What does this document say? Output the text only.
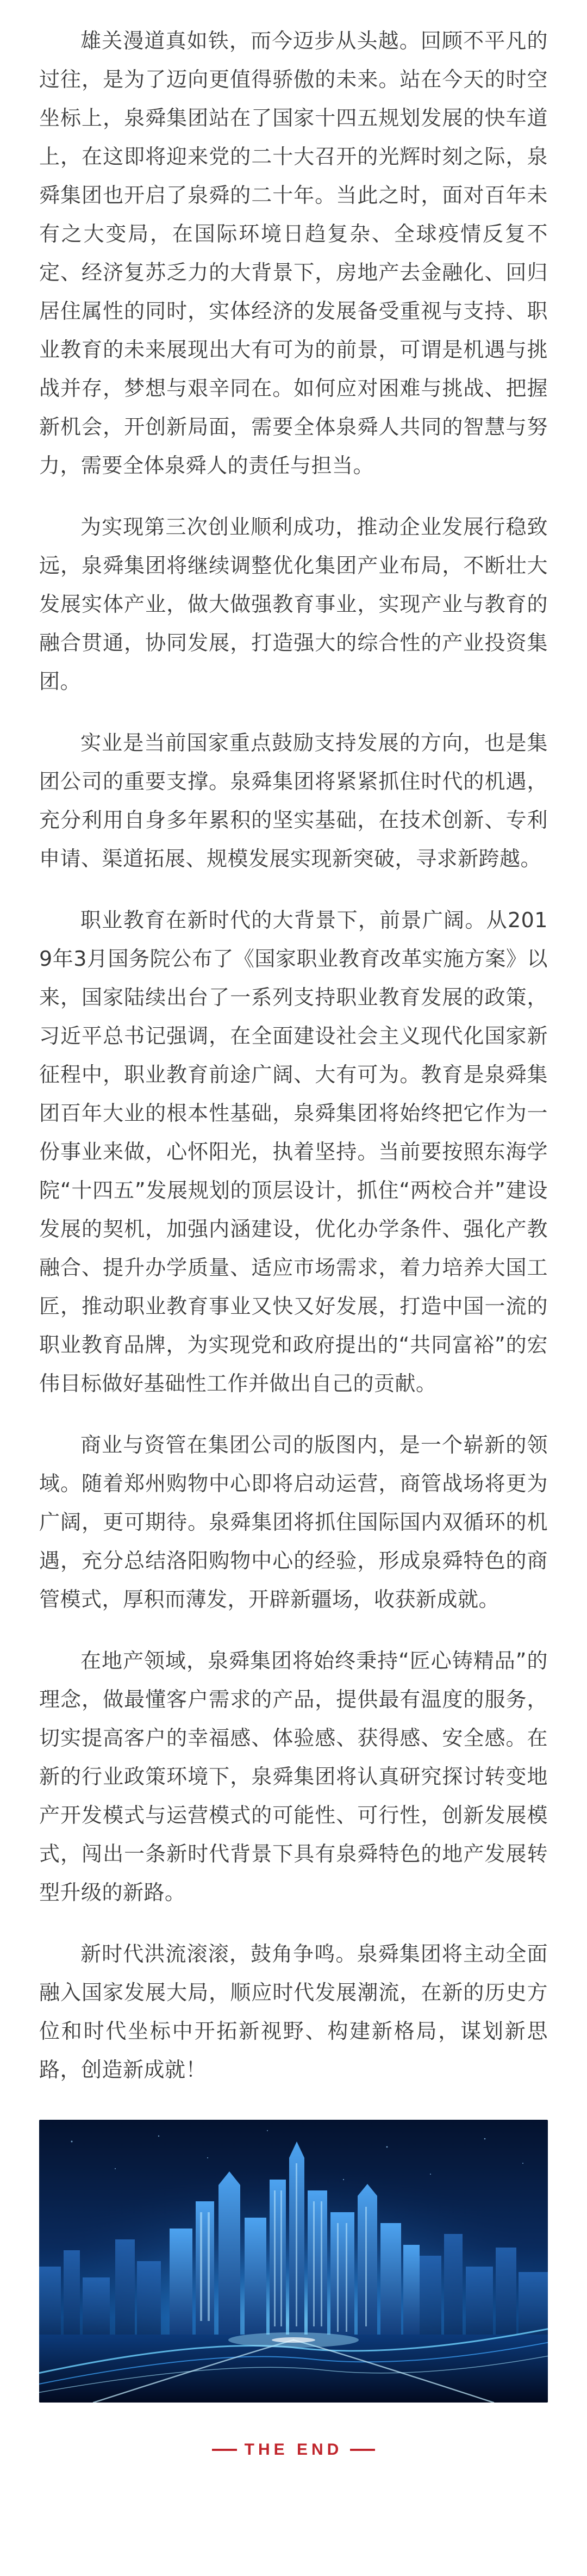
雄关漫道真如铁，而今迈步从头越。回顾不平凡的过往，是为了迈向更值得骄傲的未来。站在今天的时空坐标上，泉舜集团站在了国家十四五规划发展的快车道上，在这即将迎来党的二十大召开的光辉时刻之际，泉舜集团也开启了泉舜的二十年。当此之时，面对百年未有之大变局，在国际环境日趋复杂、全球疫情反复不定、经济复苏乏力的大背景下，房地产去金融化、回归居住属性的同时，实体经济的发展备受重视与支持、职业教育的未来展现出大有可为的前景，可谓是机遇与挑战并存，梦想与艰辛同在。如何应对困难与挑战、把握新机会，开创新局面，需要全体泉舜人共同的智慧与努力，需要全体泉舜人的责任与担当。

为实现第三次创业顺利成功，推动企业发展行稳致远，泉舜集团将继续调整优化集团产业布局，不断壮大发展实体产业，做大做强教育事业，实现产业与教育的融合贯通，协同发展，打造强大的综合性的产业投资集团。

实业是当前国家重点鼓励支持发展的方向，也是集团公司的重要支撑。泉舜集团将紧紧抓住时代的机遇，充分利用自身多年累积的坚实基础，在技术创新、专利申请、渠道拓展、规模发展实现新突破，寻求新跨越。

职业教育在新时代的大背景下，前景广阔。从2019年3月国务院公布了《国家职业教育改革实施方案》以来，国家陆续出台了一系列支持职业教育发展的政策，习近平总书记强调，在全面建设社会主义现代化国家新征程中，职业教育前途广阔、大有可为。教育是泉舜集团百年大业的根本性基础，泉舜集团将始终把它作为一份事业来做，心怀阳光，执着坚持。当前要按照东海学院“十四五”发展规划的顶层设计，抓住“两校合并”建设发展的契机，加强内涵建设，优化办学条件、强化产教融合、提升办学质量、适应市场需求，着力培养大国工匠，推动职业教育事业又快又好发展，打造中国一流的职业教育品牌，为实现党和政府提出的“共同富裕”的宏伟目标做好基础性工作并做出自己的贡献。

商业与资管在集团公司的版图内，是一个崭新的领域。随着郑州购物中心即将启动运营，商管战场将更为广阔，更可期待。泉舜集团将抓住国际国内双循环的机遇，充分总结洛阳购物中心的经验，形成泉舜特色的商管模式，厚积而薄发，开辟新疆场，收获新成就。

在地产领域，泉舜集团将始终秉持“匠心铸精品”的理念，做最懂客户需求的产品，提供最有温度的服务，切实提高客户的幸福感、体验感、获得感、安全感。在新的行业政策环境下，泉舜集团将认真研究探讨转变地产开发模式与运营模式的可能性、可行性，创新发展模式，闯出一条新时代背景下具有泉舜特色的地产发展转型升级的新路。

新时代洪流滚滚，鼓角争鸣。泉舜集团将主动全面融入国家发展大局，顺应时代发展潮流，在新的历史方位和时代坐标中开拓新视野、构建新格局，谋划新思路，创造新成就！

THE END
